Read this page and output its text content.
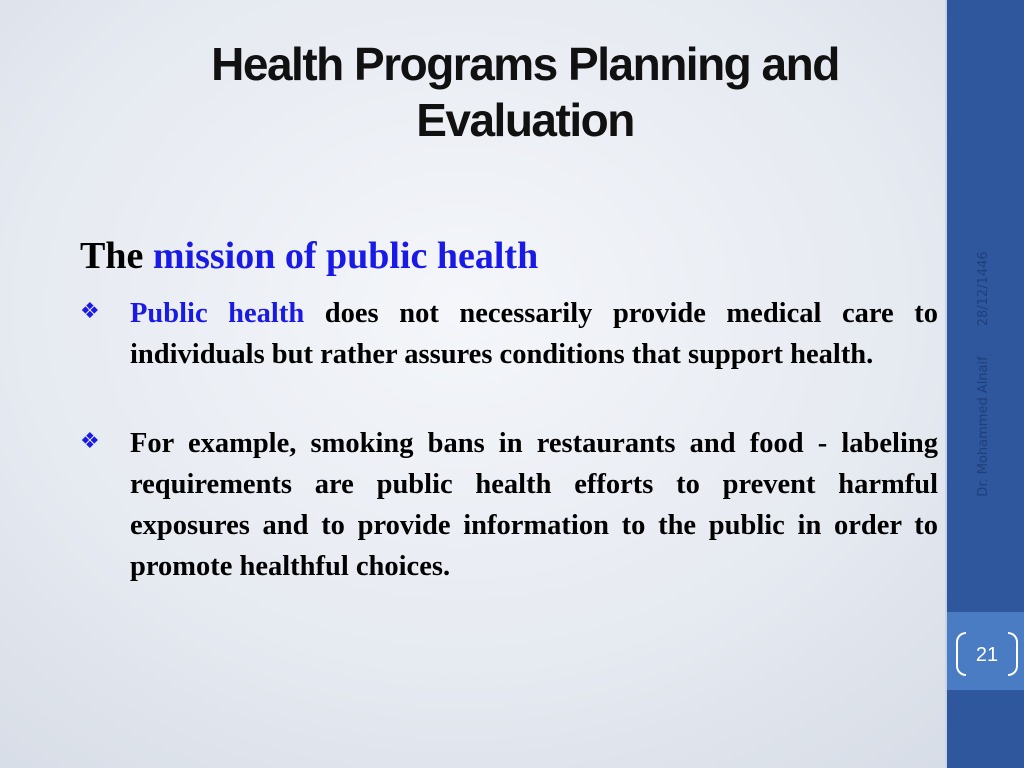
Health Programs Planning and Evaluation
The mission of public health
❖	Public health does not necessarily provide medical care to individuals but rather assures conditions that support health.
❖	For example, smoking bans in restaurants and food - labeling requirements are public health efforts to prevent harmful exposures and to provide information to the public in order to promote healthful choices.
Dr. Mohammed Alnaif28/12/1446
21
